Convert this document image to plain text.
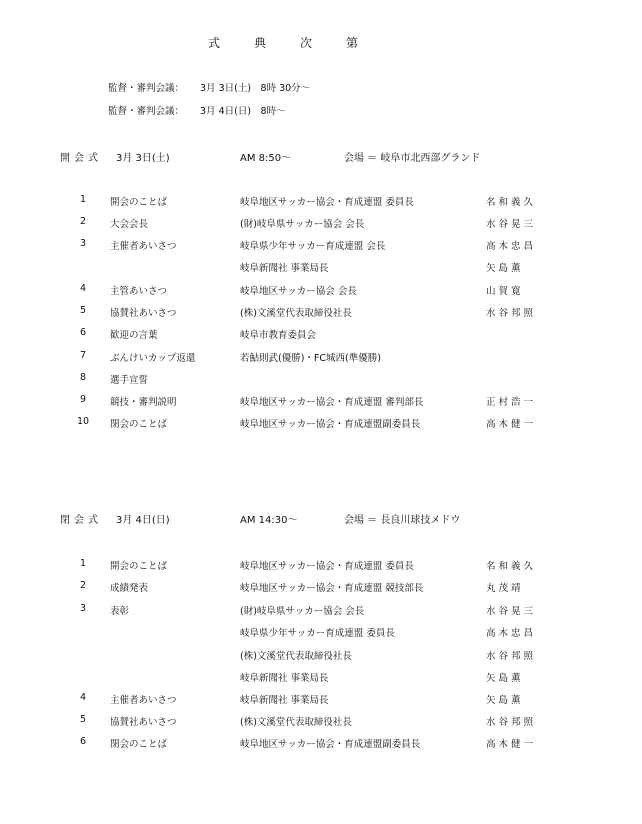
式	典	次	第
監督・審判会議： 3月 3日(土)　8時 30分～
監督・審判会議： 3月 4日(日)　8時～
開会式 3月 3日(土)	AM 8:50～	会場 ＝ 岐阜市北西部グランド
1	開会のことば	岐阜地区サッカー協会・育成連盟 委員長	名和義久
2	大会会長	(財)岐阜県サッカー協会 会長	水谷晃三
3	主催者あいさつ	岐阜県少年サッカー育成連盟 会長	高木忠昌
岐阜新聞社 事業局長	矢島薫
4	主管あいさつ	岐阜地区サッカー協会 会長	山賀寛
5	協賛社あいさつ	(株)文溪堂代表取締役社長	水谷邦照
6	歓迎の言葉	岐阜市教育委員会
7	ぶんけいカップ返還	若鮎則武(優勝)・FC城西(準優勝)
8	選手宣誓
9	競技・審判説明	岐阜地区サッカー協会・育成連盟 審判部長	正村浩一
10	閉会のことば	岐阜地区サッカー協会・育成連盟副委員長	高木健一
閉会式 3月 4日(日)	AM 14:30～	会場 ＝ 長良川球技メドウ
1	開会のことば	岐阜地区サッカー協会・育成連盟 委員長	名和義久
2	成績発表	岐阜地区サッカー協会・育成連盟 競技部長	丸茂靖
3	表彰	(財)岐阜県サッカー協会 会長	水谷晃三
岐阜県少年サッカー育成連盟 委員長	高木忠昌
(株)文溪堂代表取締役社長	水谷邦照
岐阜新聞社 事業局長	矢島薫
4	主催者あいさつ	岐阜新聞社 事業局長	矢島薫
5	協賛社あいさつ	(株)文溪堂代表取締役社長	水谷邦照
6	閉会のことば	岐阜地区サッカー協会・育成連盟副委員長	高木健一
